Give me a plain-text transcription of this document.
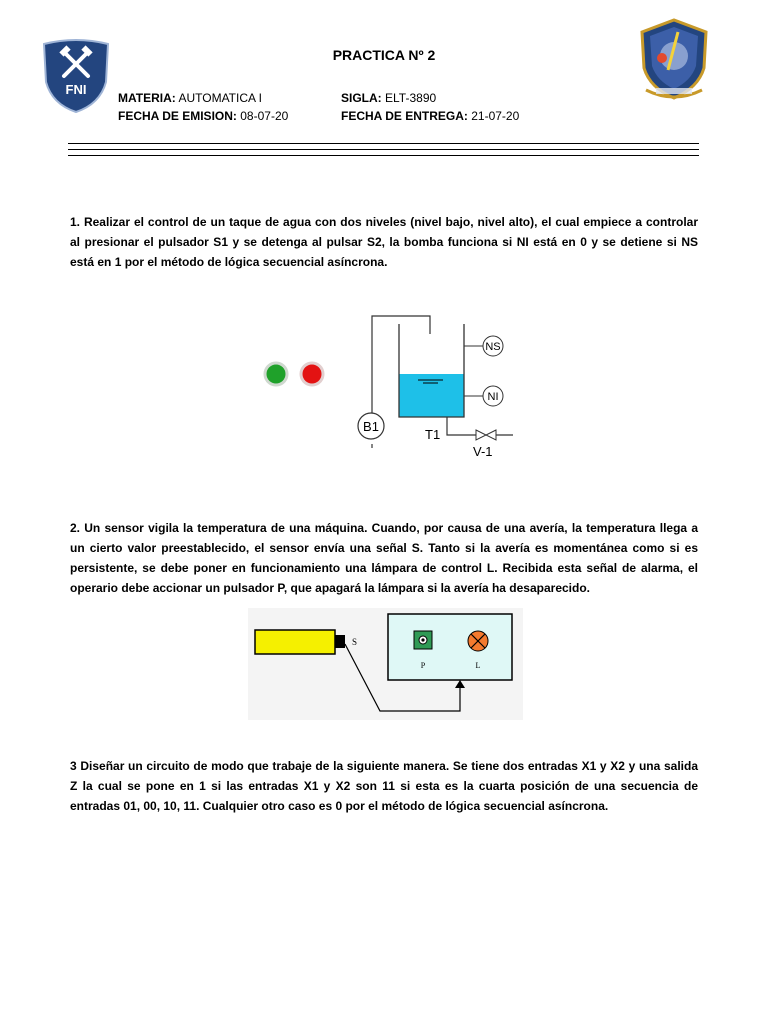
FNI
PRACTICA Nº 2
MATERIA: AUTOMATICA I	SIGLA: ELT-3890
FECHA DE EMISION: 08-07-20	FECHA DE ENTREGA: 21-07-20
1. Realizar el control de un taque de agua con dos niveles (nivel bajo, nivel alto), el cual empiece a controlar al presionar el pulsador S1 y se detenga al pulsar S2, la bomba funciona si NI está en 0 y se detiene si NS está en 1 por el método de lógica secuencial asíncrona.
NS
NI
B1
T1
V-1
2. Un sensor vigila la temperatura de una máquina. Cuando, por causa de una avería, la temperatura llega a un cierto valor preestablecido, el sensor envía una señal S. Tanto si la avería es momentánea como si es persistente, se debe poner en funcionamiento una lámpara de control L. Recibida esta señal de alarma, el operario debe accionar un pulsador P, que apagará la lámpara si la avería ha desaparecido.
S
P	L
3 Diseñar un circuito de modo que trabaje de la siguiente manera. Se tiene dos entradas X1 y X2 y una salida Z la cual se pone en 1 si las entradas X1 y X2 son 11 si esta es la cuarta posición de una secuencia de entradas 01, 00, 10, 11. Cualquier otro caso es 0 por el método de lógica secuencial asíncrona.
